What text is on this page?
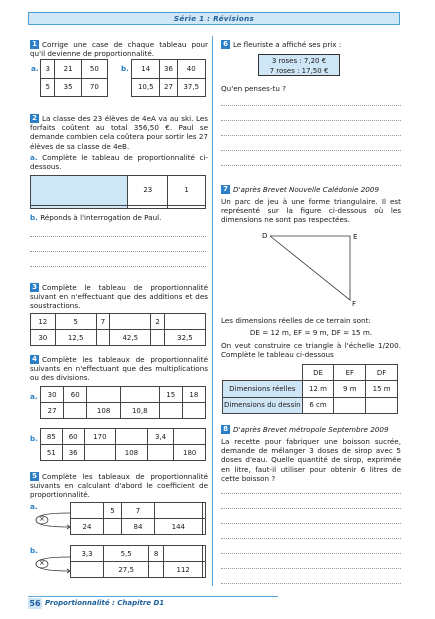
Série 1 : Révisions
1 Corrige une case de chaque tableau pour qu'il devienne de proportionnalité.
a. 3	21	50
5	35	70
b. 14	36	40
10,5	27	37,5
2 La classe des 23 élèves de 4eA va au ski. Les forfaits coûtent au total 356,50 €. Paul se demande combien cela coûtera pour sortir les 27 élèves de sa classe de 4eB.
a. Complète le tableau de proportionnalité ci-dessous.
	23	1

b. Réponds à l'interrogation de Paul.
3 Complète le tableau de proportionnalité suivant en n'effectuant que des additions et des soustractions.
12	5	7		2	
30	12,5		42,5		32,5
4 Complète les tableaux de proportionnalité suivants en n'effectuant que des multiplications ou des divisions.
a. 30	60			15	18
27		108	10,8		
b. 85	60	170		3,4	
51	36		108		180
5 Complète les tableaux de proportionnalité suivants en calculant d'abord le coefficient de proportionnalité.
a.
×
	5	7		
24		84	144	
b.
×
3,3	5,5	8		
	27,5		112	
6 Le fleuriste a affiché ses prix :
3 roses : 7,20 €
7 roses : 17,50 €
Qu'en penses-tu ?
7 D'après Brevet Nouvelle Calédonie 2009
Un parc de jeu à une forme triangulaire. Il est représenté sur la figure ci-dessous où les dimensions ne sont pas respectées.
D	E
F
Les dimensions réelles de ce terrain sont:
DE = 12 m, EF = 9 m, DF = 15 m.
On veut construire ce triangle à l'échelle 1/200. Complète le tableau ci-dessous
	DE	EF	DF
Dimensions réelles	12 m	9 m	15 m
Dimensions du dessin	6 cm		
8 D'après Brevet métropole Septembre 2009
La recette pour fabriquer une boisson sucrée, demande de mélanger 3 doses de sirop avec 5 doses d'eau. Quelle quantité de sirop, exprimée en litre, faut-il utiliser pour obtenir 6 litres de cette boisson ?
56 Proportionnalité : Chapitre D1
